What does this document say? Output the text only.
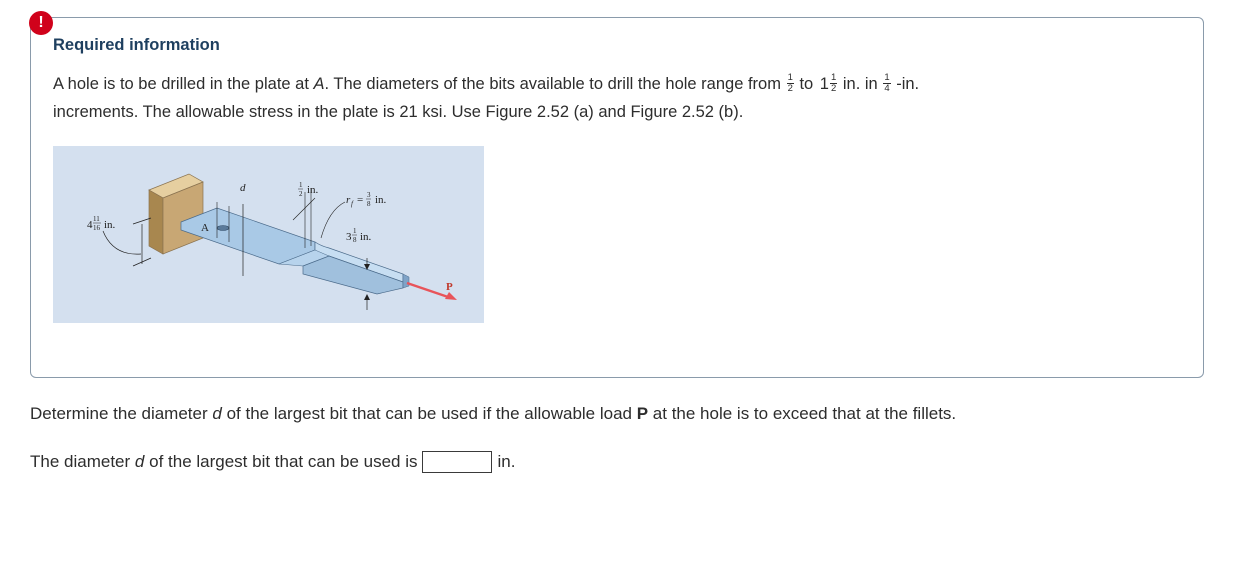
!
Required information
A hole is to be drilled in the plate at A. The diameters of the bits available to drill the hole range from $\frac{1}{2}$ to $1 \frac{1}{2}$ in. in $\frac{1}{4} -in$.
increments. The allowable stress in the plate is 21 ksi. Use Figure 2.52 (a) and Figure 2.52 (b).
P
4 11
16 in.
d	1
2 in.
r f = 3
8 in.
3 1
8 in.
A
Determine the diameter d of the largest bit that can be used if the allowable load P at the hole is to exceed that at the fillets.
The diameter
d
of the largest bit that can be used is	in.
